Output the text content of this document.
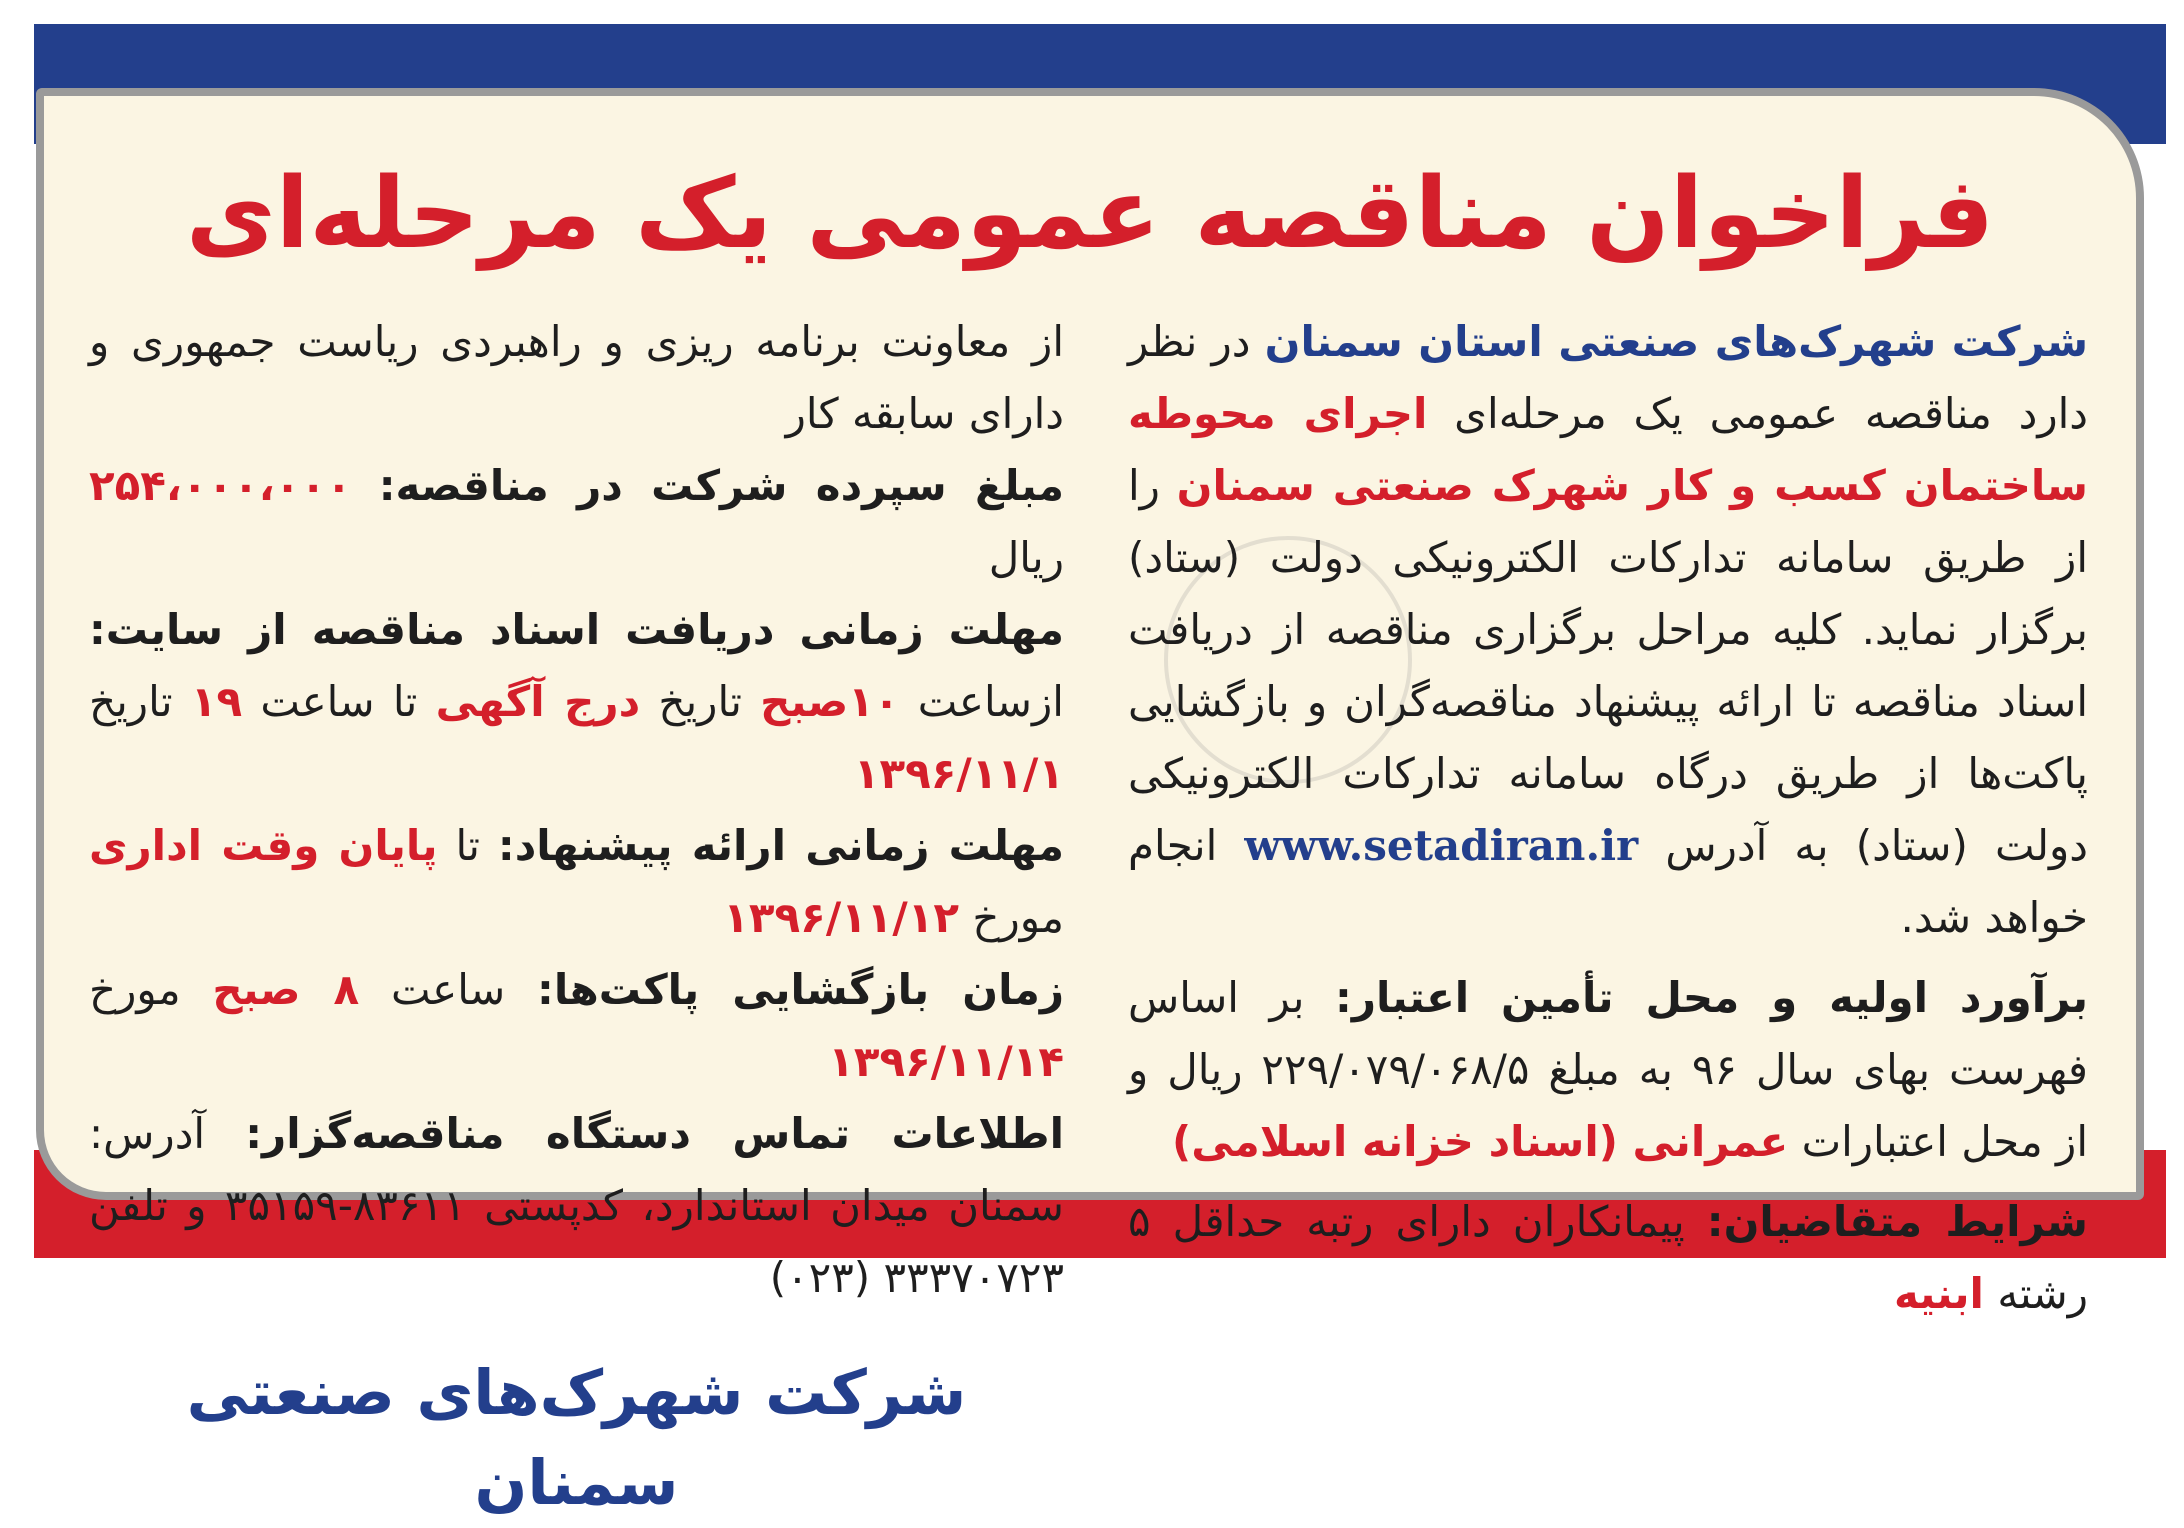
فراخوان مناقصه عمومی یک مرحله‌ای

شرکت شهرک‌های صنعتی استان سمنان در نظر دارد مناقصه عمومی یک مرحله‌ای اجرای محوطه ساختمان کسب و کار شهرک صنعتی سمنان را از طریق سامانه تدارکات الکترونیکی دولت (ستاد) برگزار نماید. کلیه مراحل برگزاری مناقصه از دریافت اسناد مناقصه تا ارائه پیشنهاد مناقصه‌گران و بازگشایی پاکت‌ها از طریق درگاه سامانه تدارکات الکترونیکی دولت (ستاد) به آدرس www.setadiran.ir انجام خواهد شد.

برآورد اولیه و محل تأمین اعتبار: بر اساس فهرست بهای سال ۹۶ به مبلغ ۲۲۹/۰۷۹/۰۶۸/۵ ریال و از محل اعتبارات عمرانی (اسناد خزانه اسلامی)

شرایط متقاضیان: پیمانکاران دارای رتبه حداقل ۵ رشته ابنیه

از معاونت برنامه ریزی و راهبردی ریاست جمهوری و دارای سابقه کار

مبلغ سپرده شرکت در مناقصه: ۲۵۴،۰۰۰،۰۰۰ ریال

مهلت زمانی دریافت اسناد مناقصه از سایت: ازساعت ۱۰صبح تاریخ درج آگهی تا ساعت ۱۹ تاریخ ۱۳۹۶/۱۱/۱

مهلت زمانی ارائه پیشنهاد: تا پایان وقت اداری مورخ ۱۳۹۶/۱۱/۱۲

زمان بازگشایی پاکت‌ها: ساعت ۸ صبح مورخ ۱۳۹۶/۱۱/۱۴

اطلاعات تماس دستگاه مناقصه‌گزار: آدرس: سمنان میدان استاندارد، کدپستی ۸۳۶۱۱-۳۵۱۵۹ و تلفن ۳۳۳۷۰۷۲۳ (۰۲۳)

شرکت شهرک‌های صنعتی سمنان
